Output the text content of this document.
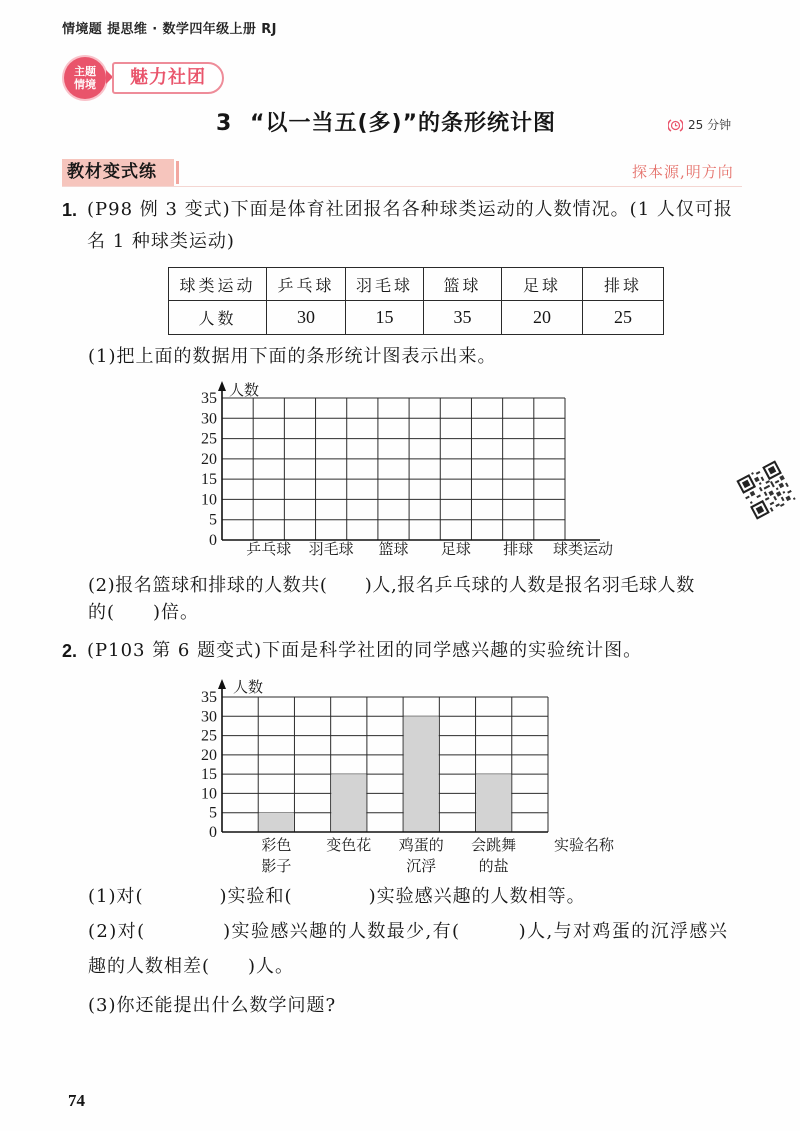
情境题 提思维 · 数学四年级上册 RJ
主题
情境	魅力社团
3 “以一当五(多)”的条形统计图	25 分钟
教材变式练	探本源,明方向
1. (P98 例 3 变式)下面是体育社团报名各种球类运动的人数情况。(1 人仅可报
名 1 种球类运动)
球类运动	乒乓球	羽毛球	篮球	足球	排球
人数	30	15	35	20	25
(1)把上面的数据用下面的条形统计图表示出来。
(2)报名篮球和排球的人数共(　　)人,报名乒乓球的人数是报名羽毛球人数
的(　　)倍。
2. (P103 第 6 题变式)下面是科学社团的同学感兴趣的实验统计图。
(1)对(　　　　)实验和(　　　　)实验感兴趣的人数相等。
(2)对(　　　　)实验感兴趣的人数最少,有(　　　)人,与对鸡蛋的沉浮感兴
趣的人数相差(　　)人。
(3)你还能提出什么数学问题?
0
5
10
15
20
25
30
35 人数
球类运动
乒乓球 羽毛球 篮球 足球 排球
0
5
10
15
20
25
30
35
人数
实验名称
彩色
影子
变色花 鸡蛋的
沉浮
会跳舞
的盐
74
